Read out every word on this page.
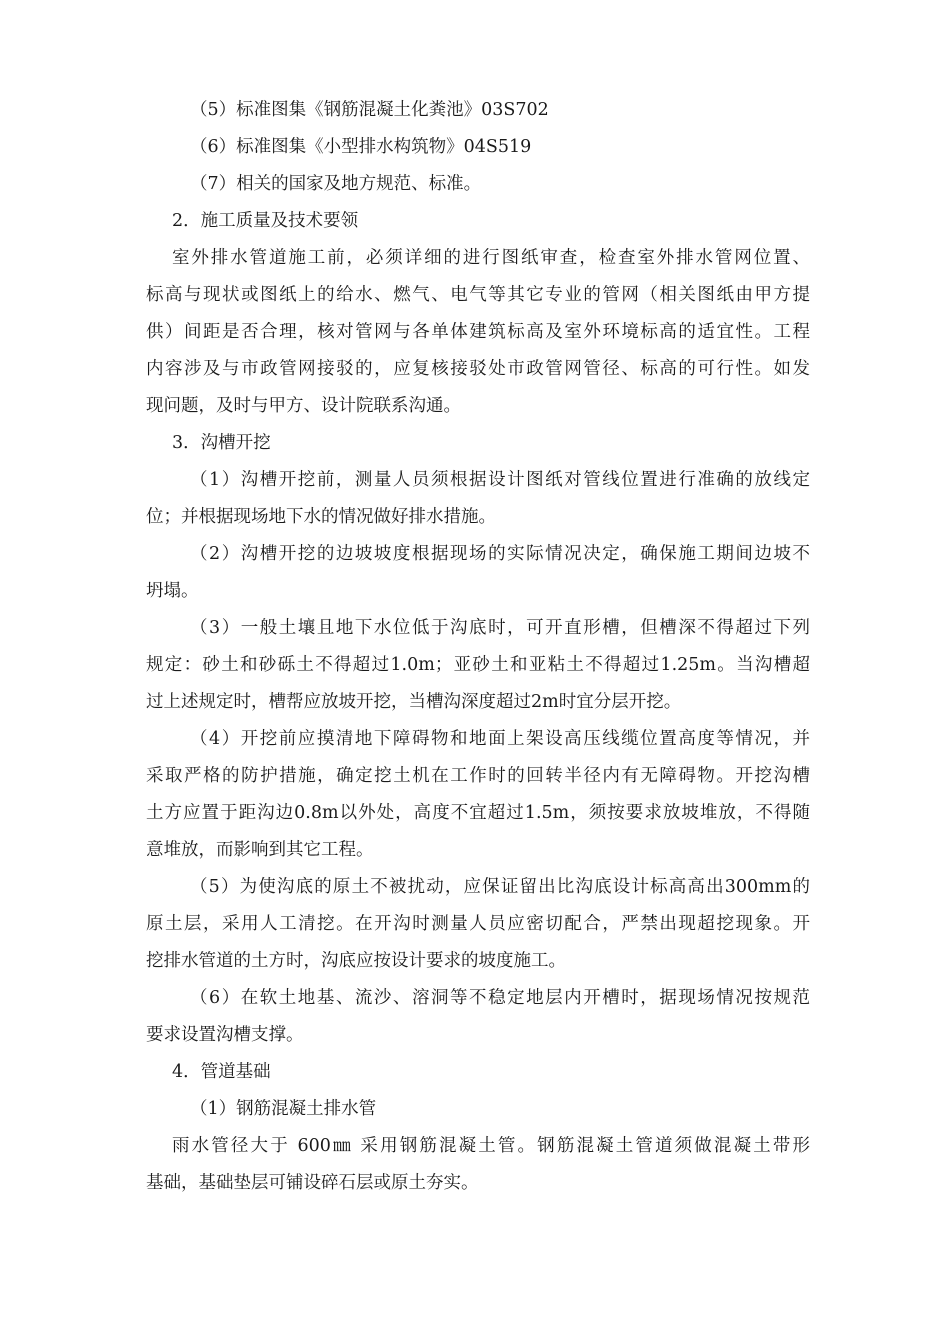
（5）标准图集《钢筋混凝土化粪池》03S702
（6）标准图集《小型排水构筑物》04S519
（7）相关的国家及地方规范、标准。
2．施工质量及技术要领
室外排水管道施工前，必须详细的进行图纸审查，检查室外排水管网位置、
标高与现状或图纸上的给水、燃气、电气等其它专业的管网（相关图纸由甲方提
供）间距是否合理，核对管网与各单体建筑标高及室外环境标高的适宜性。工程
内容涉及与市政管网接驳的，应复核接驳处市政管网管径、标高的可行性。如发
现问题，及时与甲方、设计院联系沟通。
3．沟槽开挖
（1）沟槽开挖前，测量人员须根据设计图纸对管线位置进行准确的放线定
位；并根据现场地下水的情况做好排水措施。
（2）沟槽开挖的边坡坡度根据现场的实际情况决定，确保施工期间边坡不
坍塌。
（3）一般土壤且地下水位低于沟底时，可开直形槽，但槽深不得超过下列
规定：砂土和砂砾土不得超过1.0m；亚砂土和亚粘土不得超过1.25m。当沟槽超
过上述规定时，槽帮应放坡开挖，当槽沟深度超过2m时宜分层开挖。
（4）开挖前应摸清地下障碍物和地面上架设高压线缆位置高度等情况，并
采取严格的防护措施，确定挖土机在工作时的回转半径内有无障碍物。开挖沟槽
土方应置于距沟边0.8m以外处，高度不宜超过1.5m，须按要求放坡堆放，不得随
意堆放，而影响到其它工程。
（5）为使沟底的原土不被扰动，应保证留出比沟底设计标高高出300mm的
原土层，采用人工清挖。在开沟时测量人员应密切配合，严禁出现超挖现象。开
挖排水管道的土方时，沟底应按设计要求的坡度施工。
（6）在软土地基、流沙、溶洞等不稳定地层内开槽时，据现场情况按规范
要求设置沟槽支撑。
4．管道基础
（1）钢筋混凝土排水管
雨水管径大于 600㎜ 采用钢筋混凝土管。钢筋混凝土管道须做混凝土带形
基础，基础垫层可铺设碎石层或原土夯实。
